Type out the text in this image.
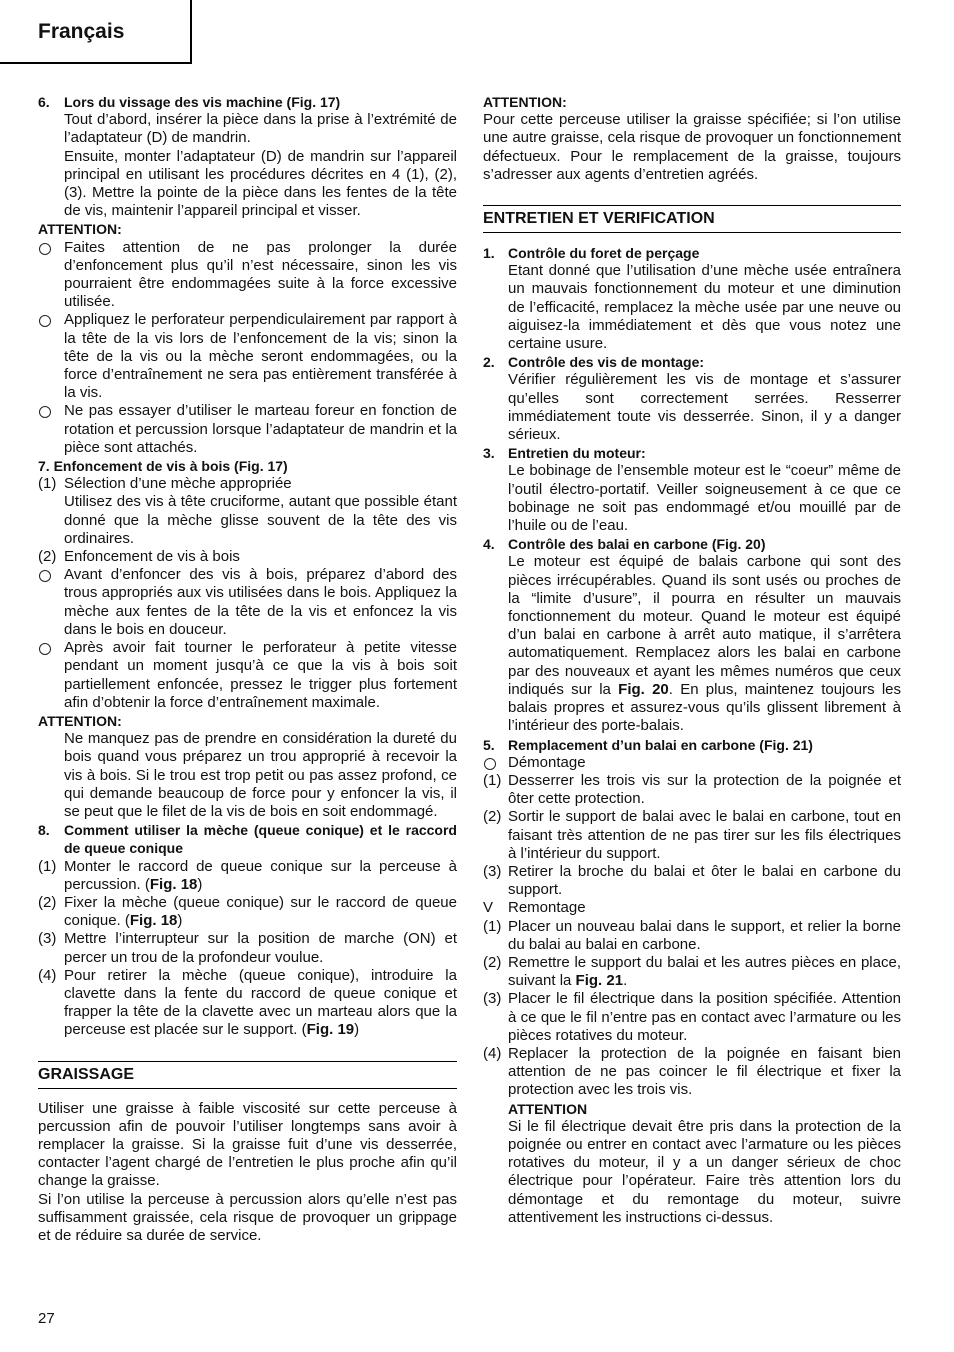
Français
6. Lors du vissage des vis machine (Fig. 17)
Tout d’abord, insérer la pièce dans la prise à l’extrémité de l’adaptateur (D) de mandrin.
Ensuite, monter l’adaptateur (D) de mandrin sur l’appareil principal en utilisant les procédures décrites en 4 (1), (2), (3). Mettre la pointe de la pièce dans les fentes de la tête de vis, maintenir l’appareil principal et visser.
ATTENTION:
Faites attention de ne pas prolonger la durée d’enfoncement plus qu’il n’est nécessaire, sinon les vis pourraient être endommagées suite à la force excessive utilisée.
Appliquez le perforateur perpendiculairement par rapport à la tête de la vis lors de l’enfoncement de la vis; sinon la tête de la vis ou la mèche seront endommagées, ou la force d’entraînement ne sera pas entièrement transférée à la vis.
Ne pas essayer d’utiliser le marteau foreur en fonction de rotation et percussion lorsque l’adaptateur de mandrin et la pièce sont attachés.
7. Enfoncement de vis à bois (Fig. 17)
(1) Sélection d’une mèche appropriée
Utilisez des vis à tête cruciforme, autant que possible étant donné que la mèche glisse souvent de la tête des vis ordinaires.
(2) Enfoncement de vis à bois
Avant d’enfoncer des vis à bois, préparez d’abord des trous appropriés aux vis utilisées dans le bois. Appliquez la mèche aux fentes de la tête de la vis et enfoncez la vis dans le bois en douceur.
Après avoir fait tourner le perforateur à petite vitesse pendant un moment jusqu’à ce que la vis à bois soit partiellement enfoncée, pressez le trigger plus fortement afin d’obtenir la force d’entraînement maximale.
ATTENTION:
Ne manquez pas de prendre en considération la dureté du bois quand vous préparez un trou approprié à recevoir la vis à bois. Si le trou est trop petit ou pas assez profond, ce qui demande beaucoup de force pour y enfoncer la vis, il se peut que le filet de la vis de bois en soit endommagé.
8. Comment utiliser la mèche (queue conique) et le raccord de queue conique
(1) Monter le raccord de queue conique sur la perceuse à percussion. (Fig. 18)
(2) Fixer la mèche (queue conique) sur le raccord de queue conique. (Fig. 18)
(3) Mettre l’interrupteur sur la position de marche (ON) et percer un trou de la profondeur voulue.
(4) Pour retirer la mèche (queue conique), introduire la clavette dans la fente du raccord de queue conique et frapper la tête de la clavette avec un marteau alors que la perceuse est placée sur le support. (Fig. 19)
GRAISSAGE
Utiliser une graisse à faible viscosité sur cette perceuse à percussion afin de pouvoir l’utiliser longtemps sans avoir à remplacer la graisse. Si la graisse fuit d’une vis desserrée, contacter l’agent chargé de l’entretien le plus proche afin qu’il change la graisse.
Si l’on utilise la perceuse à percussion alors qu’elle n’est pas suffisamment graissée, cela risque de provoquer un grippage et de réduire sa durée de service.
ATTENTION:
Pour cette perceuse utiliser la graisse spécifiée; si l’on utilise une autre graisse, cela risque de provoquer un fonctionnement défectueux. Pour le remplacement de la graisse, toujours s’adresser aux agents d’entretien agréés.
ENTRETIEN ET VERIFICATION
1. Contrôle du foret de perçage
Etant donné que l’utilisation d’une mèche usée entraînera un mauvais fonctionnement du moteur et une diminution de l’efficacité, remplacez la mèche usée par une neuve ou aiguisez-la immédiatement et dès que vous notez une certaine usure.
2. Contrôle des vis de montage:
Vérifier régulièrement les vis de montage et s’assurer qu’elles sont correctement serrées. Resserrer immédiatement toute vis desserrée. Sinon, il y a danger sérieux.
3. Entretien du moteur:
Le bobinage de l’ensemble moteur est le “coeur” même de l’outil électro-portatif. Veiller soigneusement à ce que ce bobinage ne soit pas endommagé et/ou mouillé par de l’huile ou de l’eau.
4. Contrôle des balai en carbone (Fig. 20)
Le moteur est équipé de balais carbone qui sont des pièces irrécupérables. Quand ils sont usés ou proches de la “limite d’usure”, il pourra en résulter un mauvais fonctionnement du moteur. Quand le moteur est équipé d’un balai en carbone à arrêt auto matique, il s’arrêtera automatiquement. Remplacez alors les balai en carbone par des nouveaux et ayant les mêmes numéros que ceux indiqués sur la Fig. 20. En plus, maintenez toujours les balais propres et assurez-vous qu’ils glissent librement à l’intérieur des porte-balais.
5. Remplacement d’un balai en carbone (Fig. 21)
Démontage
(1) Desserrer les trois vis sur la protection de la poignée et ôter cette protection.
(2) Sortir le support de balai avec le balai en carbone, tout en faisant très attention de ne pas tirer sur les fils électriques à l’intérieur du support.
(3) Retirer la broche du balai et ôter le balai en carbone du support.
V Remontage
(1) Placer un nouveau balai dans le support, et relier la borne du balai au balai en carbone.
(2) Remettre le support du balai et les autres pièces en place, suivant la Fig. 21.
(3) Placer le fil électrique dans la position spécifiée. Attention à ce que le fil n’entre pas en contact avec l’armature ou les pièces rotatives du moteur.
(4) Replacer la protection de la poignée en faisant bien attention de ne pas coincer le fil électrique et fixer la protection avec les trois vis.
ATTENTION
Si le fil électrique devait être pris dans la protection de la poignée ou entrer en contact avec l’armature ou les pièces rotatives du moteur, il y a un danger sérieux de choc électrique pour l’opérateur. Faire très attention lors du démontage et du remontage du moteur, suivre attentivement les instructions ci-dessus.
27
